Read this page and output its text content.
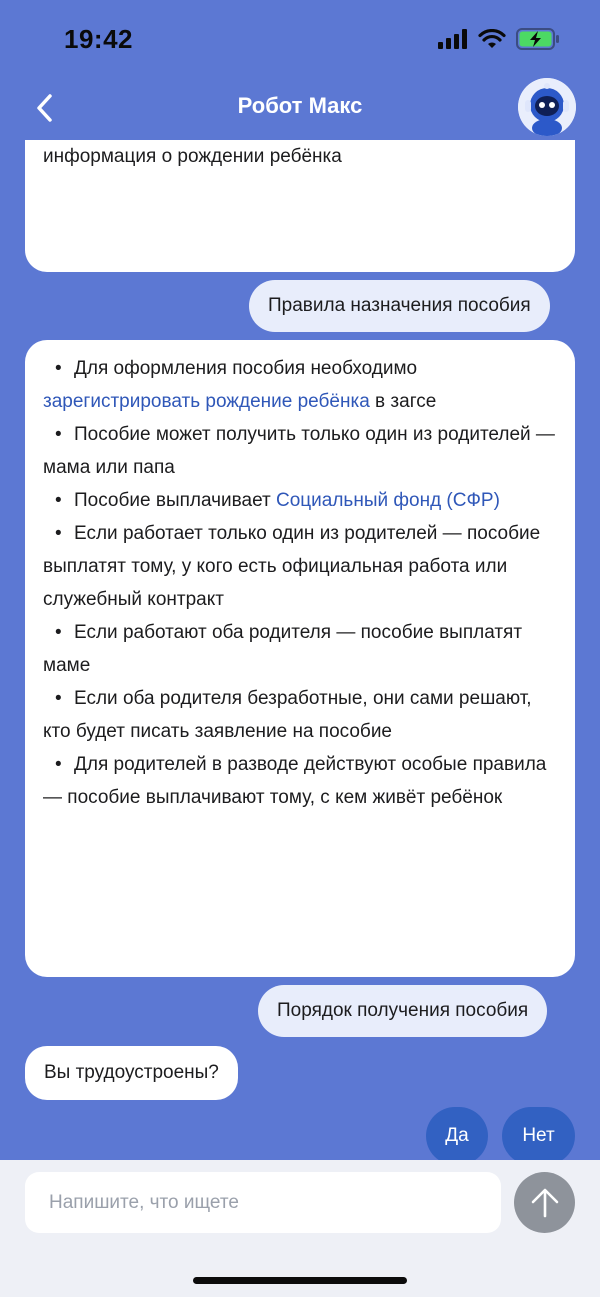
19:42
Робот Макс
информация о рождении ребёнка
Правила назначения пособия
• Для оформления пособия необходимо зарегистрировать рождение ребёнка в загсе
• Пособие может получить только один из родителей — мама или папа
• Пособие выплачивает Социальный фонд (СФР)
• Если работает только один из родителей — пособие выплатят тому, у кого есть официальная работа или служебный контракт
• Если работают оба родителя — пособие выплатят маме
• Если оба родителя безработные, они сами решают, кто будет писать заявление на пособие
• Для родителей в разводе действуют особые правила — пособие выплачивают тому, с кем живёт ребёнок
Порядок получения пособия
Вы трудоустроены?
Да	Нет
Напишите, что ищете
